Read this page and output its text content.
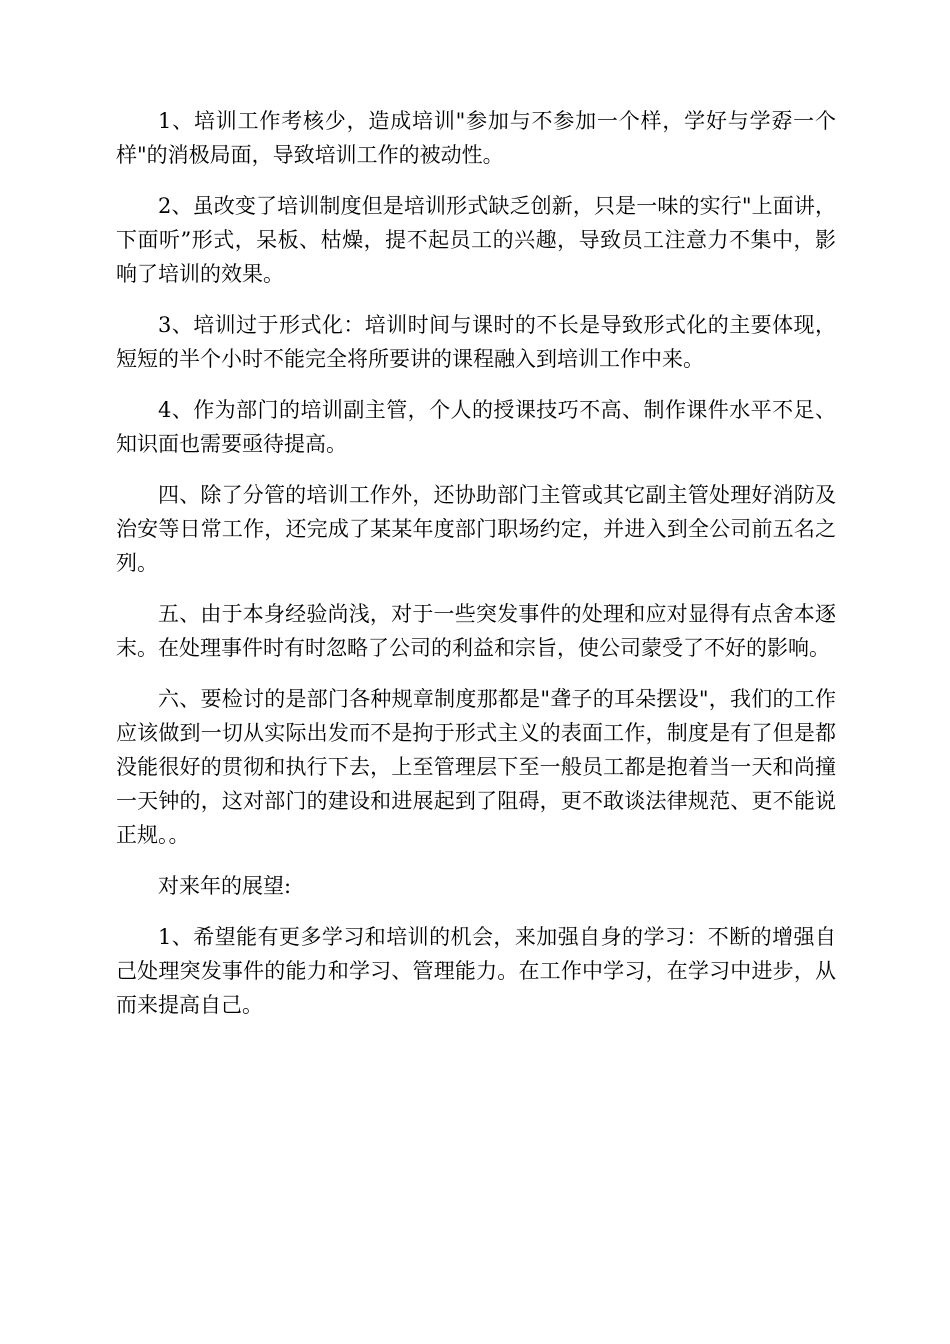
1、培训工作考核少，造成培训"参加与不参加一个样，学好与学孬一个样"的消极局面，导致培训工作的被动性。

2、虽改变了培训制度但是培训形式缺乏创新，只是一味的实行"上面讲，下面听”形式，呆板、枯燥，提不起员工的兴趣，导致员工注意力不集中，影响了培训的效果。

3、培训过于形式化：培训时间与课时的不长是导致形式化的主要体现，短短的半个小时不能完全将所要讲的课程融入到培训工作中来。

4、作为部门的培训副主管，个人的授课技巧不高、制作课件水平不足、知识面也需要亟待提高。

四、除了分管的培训工作外，还协助部门主管或其它副主管处理好消防及治安等日常工作，还完成了某某年度部门职场约定，并进入到全公司前五名之列。

五、由于本身经验尚浅，对于一些突发事件的处理和应对显得有点舍本逐末。在处理事件时有时忽略了公司的利益和宗旨，使公司蒙受了不好的影响。

六、要检讨的是部门各种规章制度那都是"聋子的耳朵摆设"，我们的工作应该做到一切从实际出发而不是拘于形式主义的表面工作，制度是有了但是都没能很好的贯彻和执行下去，上至管理层下至一般员工都是抱着当一天和尚撞一天钟的，这对部门的建设和进展起到了阻碍，更不敢谈法律规范、更不能说正规。。

对来年的展望:

1、希望能有更多学习和培训的机会，来加强自身的学习：不断的增强自己处理突发事件的能力和学习、管理能力。在工作中学习，在学习中进步，从而来提高自己。
